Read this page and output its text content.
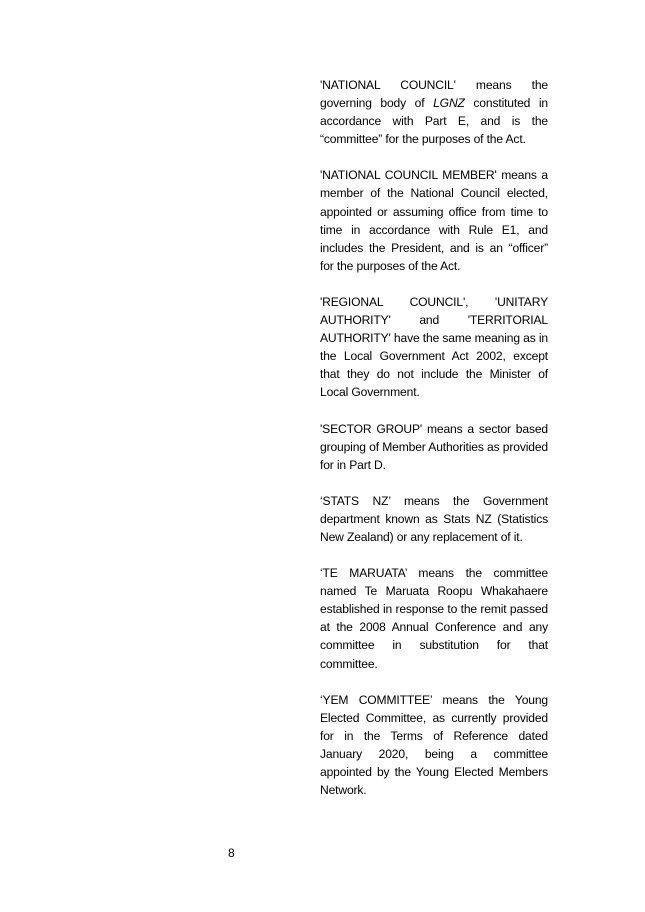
'NATIONAL COUNCIL' means the governing body of LGNZ constituted in accordance with Part E, and is the “committee” for the purposes of the Act.

'NATIONAL COUNCIL MEMBER' means a member of the National Council elected, appointed or assuming office from time to time in accordance with Rule E1, and includes the President, and is an “officer” for the purposes of the Act.

'REGIONAL COUNCIL', 'UNITARY AUTHORITY' and 'TERRITORIAL AUTHORITY' have the same meaning as in the Local Government Act 2002, except that they do not include the Minister of Local Government.

'SECTOR GROUP' means a sector based grouping of Member Authorities as provided for in Part D.

‘STATS NZ’ means the Government department known as Stats NZ (Statistics New Zealand) or any replacement of it.

‘TE MARUATA’ means the committee named Te Maruata Roopu Whakahaere established in response to the remit passed at the 2008 Annual Conference and any committee in substitution for that committee.

‘YEM COMMITTEE’ means the Young Elected Committee, as currently provided for in the Terms of Reference dated January 2020, being a committee appointed by the Young Elected Members Network.

8
